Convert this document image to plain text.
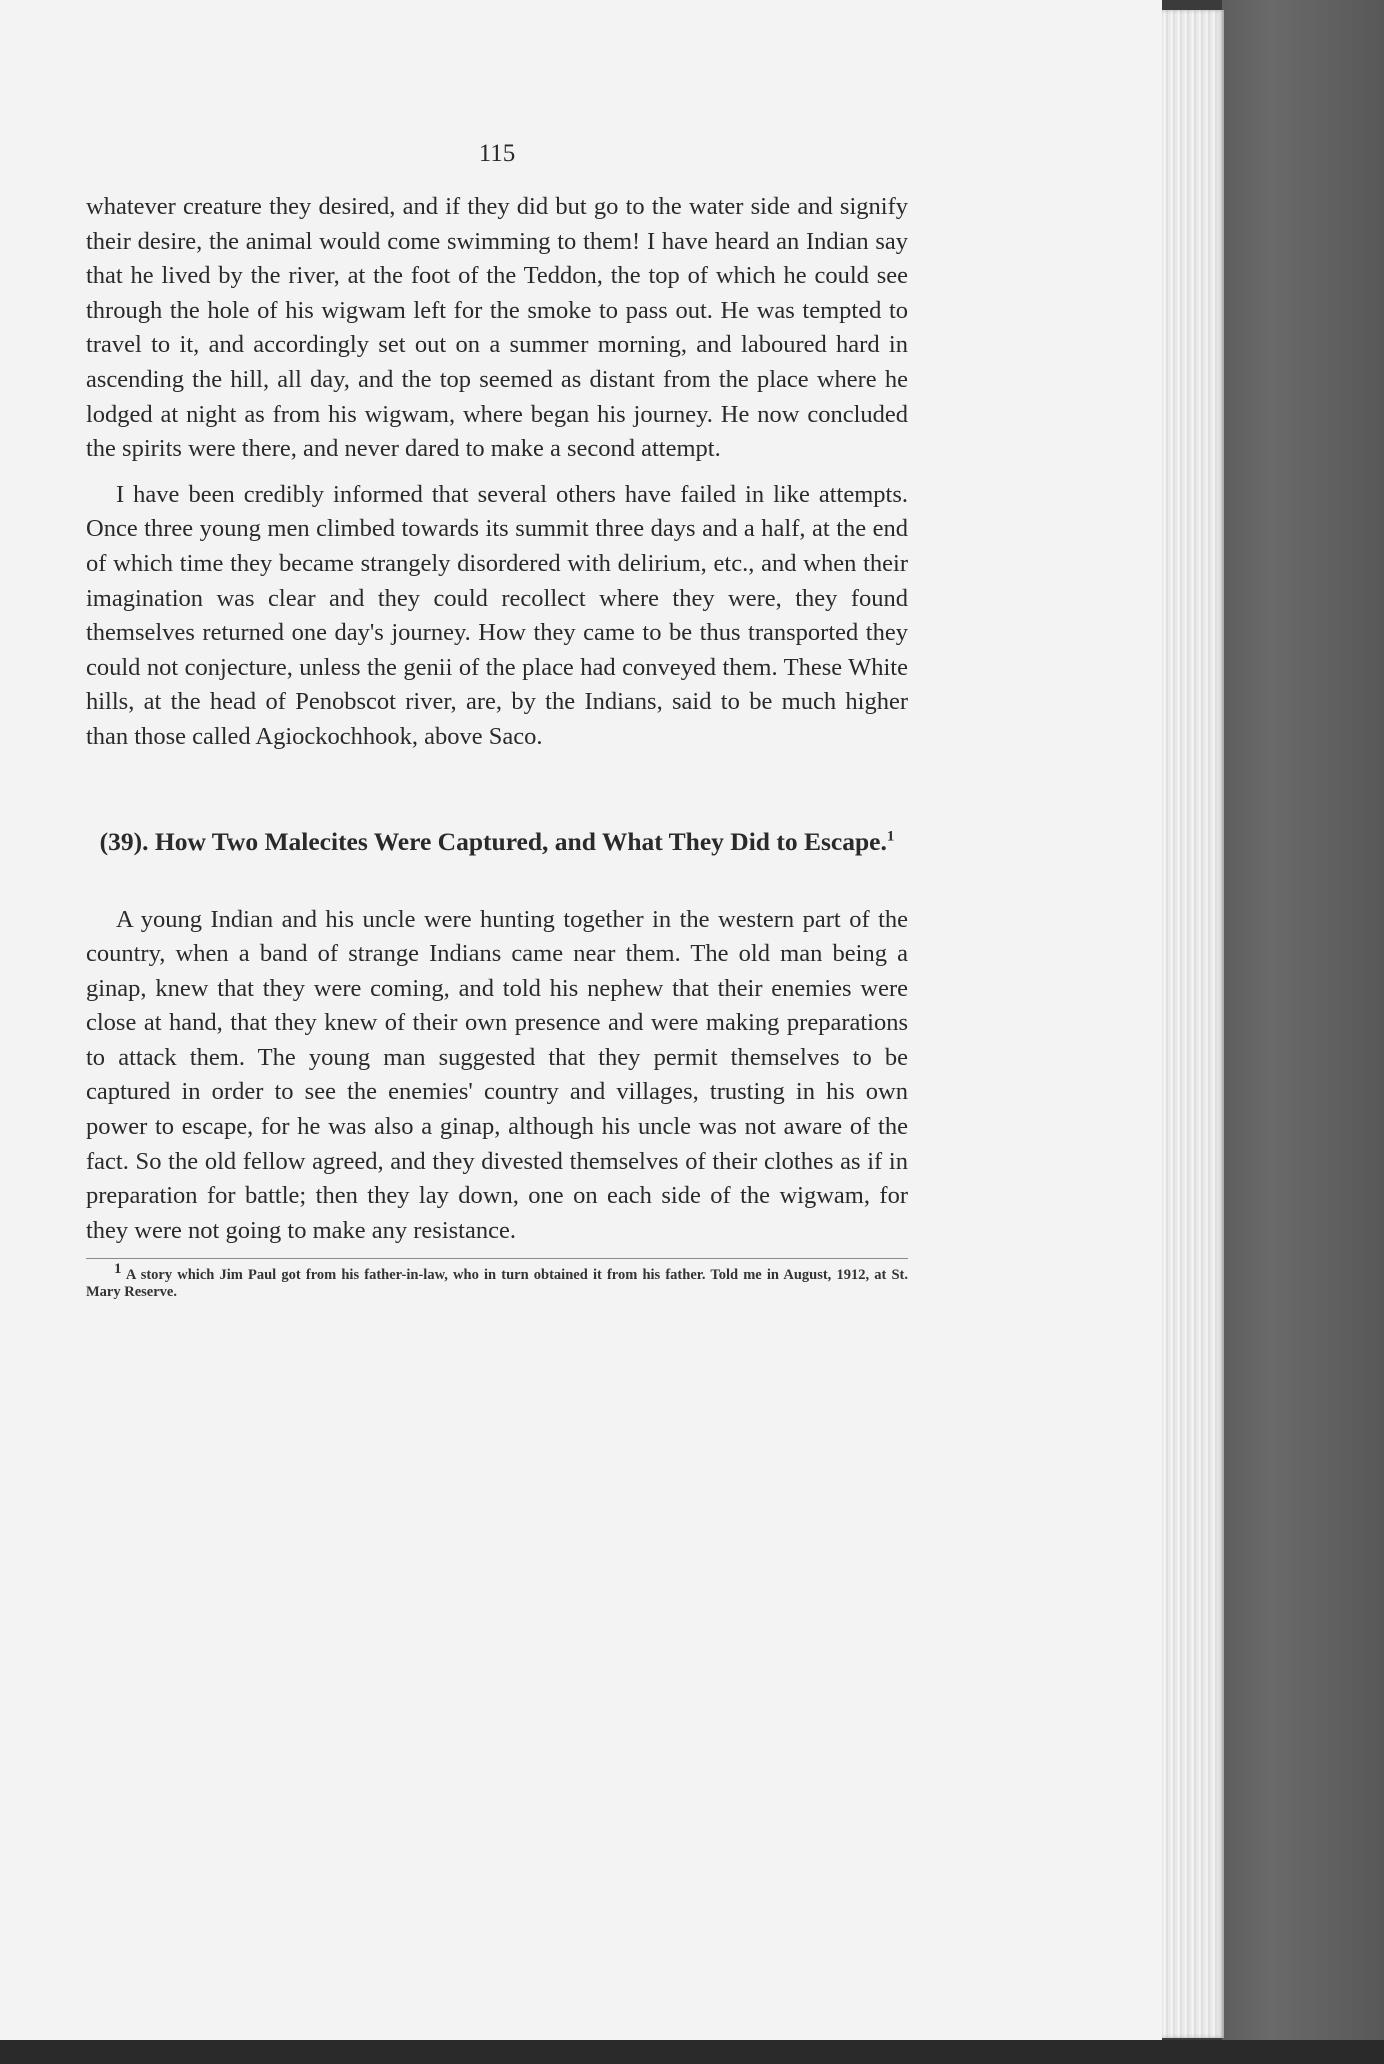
115

whatever creature they desired, and if they did but go to the water side and signify their desire, the animal would come swimming to them! I have heard an Indian say that he lived by the river, at the foot of the Teddon, the top of which he could see through the hole of his wigwam left for the smoke to pass out. He was tempted to travel to it, and accordingly set out on a summer morning, and laboured hard in ascending the hill, all day, and the top seemed as distant from the place where he lodged at night as from his wigwam, where began his journey. He now concluded the spirits were there, and never dared to make a second attempt.

I have been credibly informed that several others have failed in like attempts. Once three young men climbed towards its summit three days and a half, at the end of which time they became strangely disordered with delirium, etc., and when their imagination was clear and they could recollect where they were, they found themselves returned one day's journey. How they came to be thus transported they could not conjecture, unless the genii of the place had conveyed them. These White hills, at the head of Penobscot river, are, by the Indians, said to be much higher than those called Agiockochhook, above Saco.

(39). How Two Malecites Were Captured, and What They Did to Escape.$^1$

A young Indian and his uncle were hunting together in the western part of the country, when a band of strange Indians came near them. The old man being a ginap, knew that they were coming, and told his nephew that their enemies were close at hand, that they knew of their own presence and were making preparations to attack them. The young man suggested that they permit themselves to be captured in order to see the enemies' country and villages, trusting in his own power to escape, for he was also a ginap, although his uncle was not aware of the fact. So the old fellow agreed, and they divested themselves of their clothes as if in preparation for battle; then they lay down, one on each side of the wigwam, for they were not going to make any resistance.

1 A story which Jim Paul got from his father-in-law, who in turn obtained it from his father. Told me in August, 1912, at St. Mary Reserve.
